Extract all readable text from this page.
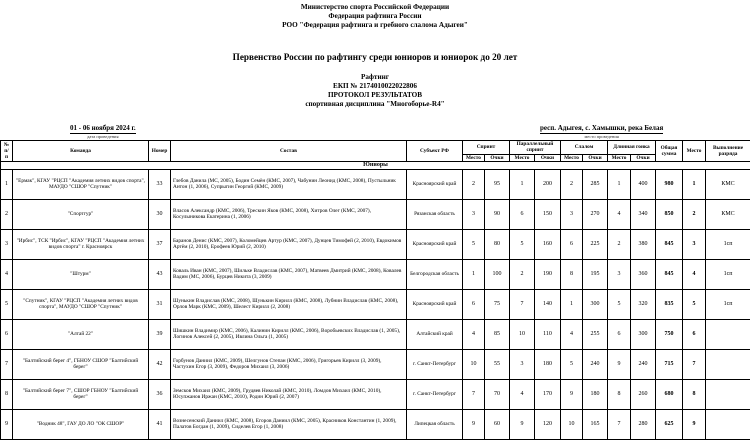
Министерство спорта Российской Федерации
Федерация рафтинга России
РОО "Федерация рафтинга и гребного слалома Адыгеи"
Первенство России по рафтингу среди юниоров и юниорок до 20 лет
Рафтинг
ЕКП № 2174010022022806
ПРОТОКОЛ РЕЗУЛЬТАТОВ
спортивная дисциплина "Многоборье-R4"
01 - 06 ноября 2024 г.
дата проведения
респ. Адыгея, с. Хамышки, река Белая
место проведения
№ п/п	Команда	Номер	Состав	Субъект РФ	Спринт		Параллельный спринт		Слалом		Длинная гонка		Общая сумма	Место	Выполнение разряда
					Место	Очки	Место	Очки	Место	Очки	Место	Очки			
Юниоры															
1	"Ермак", КГАУ "РЦСП "Академия летних видов спорта", МАУДО "СШОР "Спутник"	33	Глебов Данила (МС, 2005), Бодин Семён (КМС, 2007), Чабунин Леонид (КМС, 2008), Пустыльник Антон (1, 2006), Супрыгин Георгий (КМС, 2009)	Красноярский край	2	95	1	200	2	285	1	400	980	1	КМС
2	"Спортгур"	30	Власов Александр (КМС, 2006), Трескин Яков (КМС, 2008), Хитров Олег (КМС, 2007), Косулыникова Екатерина (1, 2006)	Рязанская область	3	90	6	150	3	270	4	340	850	2	КМС
3	"Ирбис", ТСК "Ирбис", КГАУ "РЦСП "Академия летних видов спорта" г. Красноярск	37	Баранов Денис (КМС, 2007), Коломейцев Артур (КМС, 2007), Дунцев Тимофей (2, 2010), Евдокимов Артём (2, 2010), Ерофеев Юрий (2, 2010)	Красноярский край	5	80	5	160	6	225	2	380	845	3	1сп
4	"Штурм"	43	Коваль Иван (КМС, 2007), Шильке Владислав (КМС, 2007), Матвеев Дмитрий (КМС, 2008), Ковалев Вадим (МС, 2006), Бурцев Никита (3, 2009)	Белгородская область	1	100	2	190	8	195	3	360	845	4	1сп
5	"Спутник", КГАУ "РЦСП "Академия летних видов спорта", МАУДО "СШОР "Спутник"	31	Шунькин Владислав (КМС, 2008), Шунькин Кирилл (КМС, 2008), Лубнин Владислав (КМС, 2008), Орлов Марк (КМС, 2009), Шелест Кирилл (2, 2008)	Красноярский край	6	75	7	140	1	300	5	320	835	5	1сп
6	"Алтай 22"	39	Шишкин Владимир (КМС, 2006), Калинин Кирилл (КМС, 2006), Воробьевских Владислав (1, 2005), Логинов Алексей (2, 2005), Ивлина Ольга (1, 2005)	Алтайский край	4	85	10	110	4	255	6	300	750	6	
7	"Балтийский берег 4", ГБНОУ СШОР "Балтийский берег"	42	Горбунов Даниил (КМС, 2009), Шелгунов Степан (КМС, 2006), Григорьев Кирилл (3, 2009), Частухин Егор (3, 2009), Федоров Михаил (3, 2006)	г. Санкт-Петербург	10	55	3	180	5	240	9	240	715	7	
8	"Балтийский берег 7", СШОР ГБНОУ "Балтийский берег"	36	Земсков Михаил (КМС, 2009), Грудяев Николай (КМС, 2010), Ломдов Михаил (КМС, 2010), Юсупжанов Иржан (КМС, 2010), Родин Юрий (2, 2007)	г. Санкт-Петербург	7	70	4	170	9	180	8	260	680	8	
9	"Водник 48", ГАУ ДО ЛО "ОК СШОР"	41	Вознесенский Даниил (КМС, 2008), Егоров Даниил (КМС, 2005), Красников Константин (1, 2009), Палатов Богдан (1, 2009), Сиделев Егор (1, 2008)	Липецкая область	9	60	9	120	10	165	7	280	625	9	
